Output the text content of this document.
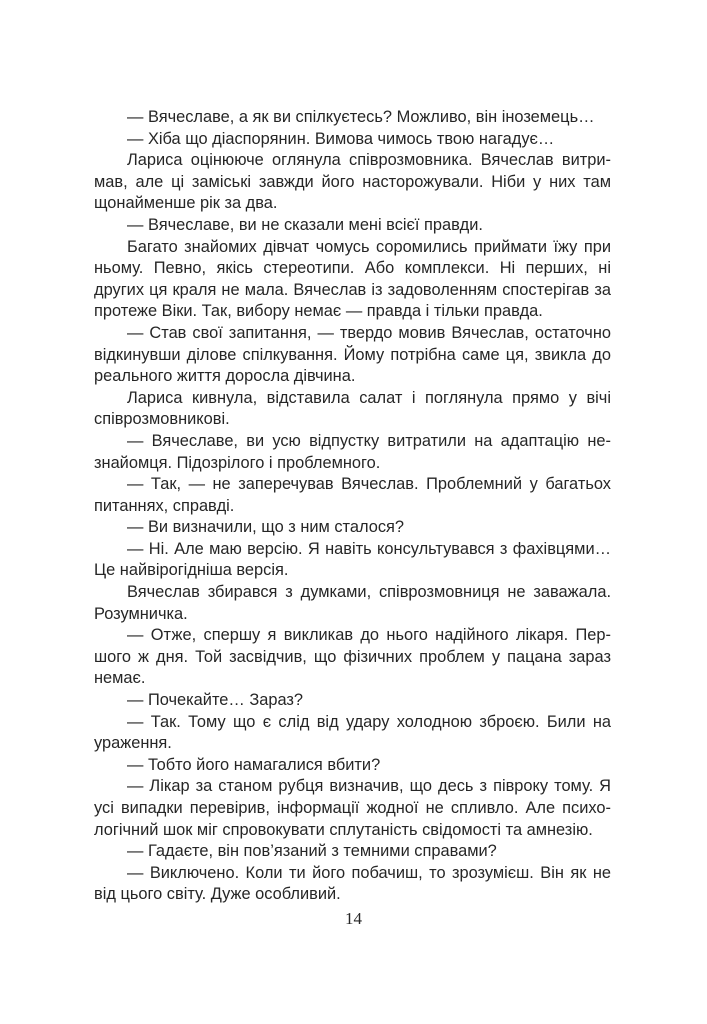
— Вячеславе, а як ви спілкуєтесь? Можливо, він іноземець…

— Хіба що діаспорянин. Вимова чимось твою нагадує…

Лариса оцінююче оглянула співрозмовника. Вячеслав витримав, але ці заміські завжди його насторожували. Ніби у них там щонайменше рік за два.

— Вячеславе, ви не сказали мені всієї правди.

Багато знайомих дівчат чомусь соромились приймати їжу при ньому. Певно, якісь стереотипи. Або комплекси. Ні перших, ні других ця краля не мала. Вячеслав із задоволенням спостерігав за протеже Віки. Так, вибору немає — правда і тільки правда.

— Став свої запитання, — твердо мовив Вячеслав, остаточно відкинувши ділове спілкування. Йому потрібна саме ця, звикла до реального життя доросла дівчина.

Лариса кивнула, відставила салат і поглянула прямо у вічі співрозмовникові.

— Вячеславе, ви усю відпустку витратили на адаптацію незнайомця. Підозрілого і проблемного.

— Так, — не заперечував Вячеслав. Проблемний у багатьох питаннях, справді.

— Ви визначили, що з ним сталося?

— Ні. Але маю версію. Я навіть консультувався з фахівцями… Це найвірогідніша версія.

Вячеслав збирався з думками, співрозмовниця не заважала. Розумничка.

— Отже, спершу я викликав до нього надійного лікаря. Першого ж дня. Той засвідчив, що фізичних проблем у пацана зараз немає.

— Почекайте… Зараз?

— Так. Тому що є слід від удару холодною зброєю. Били на ураження.

— Тобто його намагалися вбити?

— Лікар за станом рубця визначив, що десь з півроку тому. Я усі випадки перевірив, інформації жодної не спливло. Але психологічний шок міг спровокувати сплутаність свідомості та амнезію.

— Гадаєте, він пов’язаний з темними справами?

— Виключено. Коли ти його побачиш, то зрозумієш. Він як не від цього світу. Дуже особливий.

14
